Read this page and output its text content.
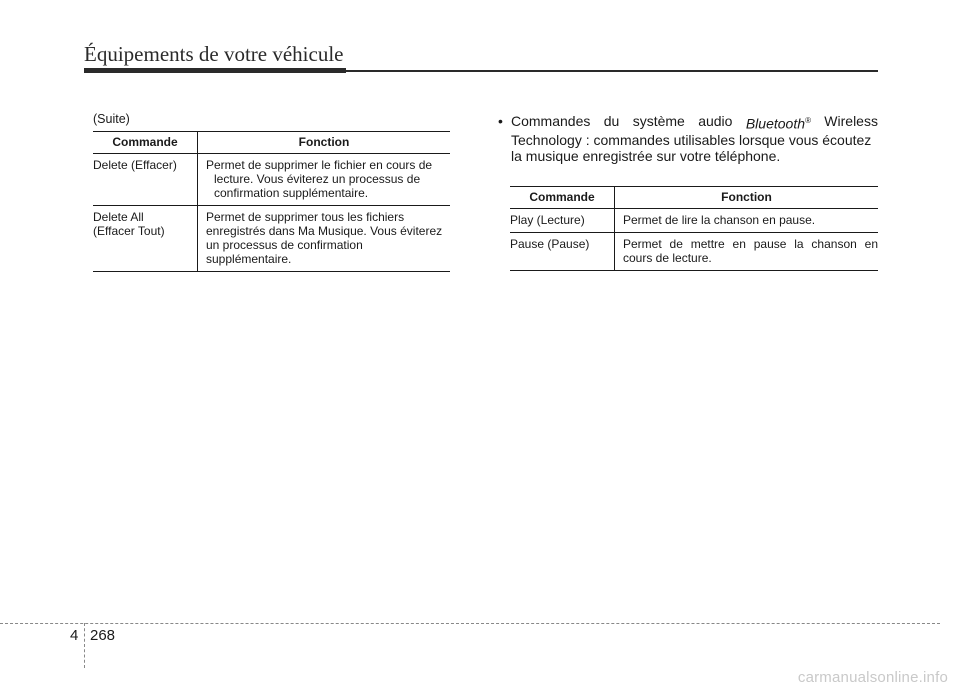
Équipements de votre véhicule
(Suite)
Commande	Fonction
Delete (Effacer)	Permet de supprimer le fichier en cours de
lecture. Vous éviterez un processus de
confirmation supplémentaire.

Delete All
(Effacer Tout)	Permet de supprimer tous les fichiers
enregistrés dans Ma Musique. Vous éviterez
un processus de confirmation
supplémentaire.
• Commandes du système audio Bluetooth® Wireless
Technology : commandes utilisables lorsque vous écoutez la musique enregistrée sur votre téléphone.
Commande	Fonction
Play (Lecture)	Permet de lire la chanson en pause.
Pause (Pause)	Permet de mettre en pause la chanson en cours de lecture.
4 268
carmanualsonline.info
